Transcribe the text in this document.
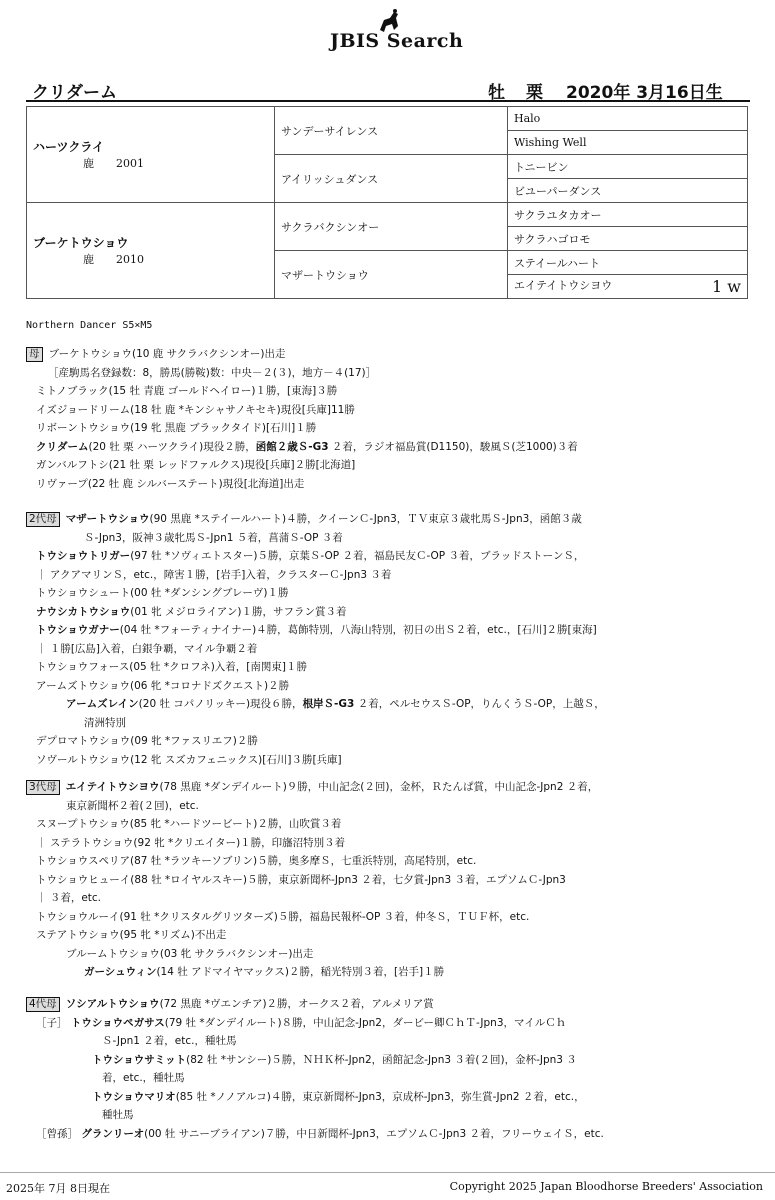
JBIS Search
クリダーム	牡 栗 2020年 3月16日生
ハーツクライ
鹿　　2001	サンデーサイレンス	Halo
		Wishing Well
	アイリッシュダンス	トニービン
		ビユーパーダンス

ブーケトウショウ
鹿　　2010	サクラバクシンオー	サクラユタカオー
		サクラハゴロモ
	マザートウショウ	ステイールハート
		エイテイトウシヨウ 1 w
Northern Dancer S5×M5
母 ブーケトウショウ(10 鹿 サクラバクシンオー)出走
［産駒馬名登録数：8，勝馬(勝鞍)数：中央－２(３)，地方－４(17)］
ミトノブラック(15 牡 青鹿 ゴールドヘイロー)１勝，[東海]３勝
イズジョードリーム(18 牡 鹿 *キンシャサノキセキ)現役[兵庫]11勝
リボーントウショウ(19 牝 黒鹿 ブラックタイド)[石川]１勝
クリダーム(20 牡 栗 ハーツクライ)現役２勝，函館２歳Ｓ-G3 ２着，ラジオ福島賞(D1150)，駿風Ｓ(芝1000)３着
ガンバルフトシ(21 牡 栗 レッドファルクス)現役[兵庫]２勝[北海道]
リヴァープ(22 牡 鹿 シルバーステート)現役[北海道]出走
2代母 マザートウショウ(90 黒鹿 *ステイールハート)４勝，クイーンＣ-Jpn3，ＴＶ東京３歳牝馬Ｓ-Jpn3，函館３歳
Ｓ-Jpn3，阪神３歳牝馬Ｓ-Jpn1 ５着，菖蒲Ｓ-OP ３着
トウショウトリガー(97 牡 *ソヴィエトスター)５勝，京葉Ｓ-OP ２着，福島民友Ｃ-OP ３着，ブラッドストーンＳ，
｜ アクアマリンＳ，etc.，障害１勝，[岩手]入着，クラスターＣ-Jpn3 ３着
トウショウシュート(00 牡 *ダンシングブレーヴ)１勝
ナウシカトウショウ(01 牝 メジロライアン)１勝，サフラン賞３着
トウショウガナー(04 牡 *フォーティナイナー)４勝，葛飾特別，八海山特別，初日の出Ｓ２着，etc.，[石川]２勝[東海]
｜ １勝[広島]入着，白銀争覇，マイル争覇２着
トウショウフォース(05 牡 *クロフネ)入着，[南関東]１勝
アームズトウショウ(06 牝 *コロナドズクエスト)２勝
アームズレイン(20 牡 コパノリッキー)現役６勝，根岸Ｓ-G3 ２着，ペルセウスＳ-OP，りんくうＳ-OP，上越Ｓ，
清洲特別
デプロマトウショウ(09 牝 *ファスリエフ)２勝
ソヴールトウショウ(12 牝 スズカフェニックス)[石川]３勝[兵庫]
3代母 エイテイトウシヨウ(78 黒鹿 *ダンデイルート)９勝，中山記念(２回)，金杯，Ｒたんぱ賞，中山記念-Jpn2 ２着，
東京新聞杯２着(２回)，etc.
スヌープトウショウ(85 牝 *ハードツービート)２勝，山吹賞３着
｜ ステラトウショウ(92 牝 *クリエイター)１勝，印旛沼特別３着
トウショウスペリア(87 牡 *ラツキーソブリン)５勝，奥多摩Ｓ，七重浜特別，高尾特別，etc.
トウショウヒューイ(88 牡 *ロイヤルスキー)５勝，東京新聞杯-Jpn3 ２着，七夕賞-Jpn3 ３着，エプソムＣ-Jpn3
｜ ３着，etc.
トウショウルーイ(91 牡 *クリスタルグリツターズ)５勝，福島民報杯-OP ３着，仲冬Ｓ，ＴＵＦ杯，etc.
ステアトウショウ(95 牝 *リズム)不出走
ブルームトウショウ(03 牝 サクラバクシンオー)出走
ガーシュウィン(14 牡 アドマイヤマックス)２勝，稲光特別３着，[岩手]１勝
4代母 ソシアルトウショウ(72 黒鹿 *ヴエンチア)２勝，オークス２着，アルメリア賞
［子］ トウショウペガサス(79 牡 *ダンデイルート)８勝，中山記念-Jpn2，ダービー卿ＣｈＴ-Jpn3，マイルＣｈ
Ｓ-Jpn1 ２着，etc.，種牡馬
トウショウサミット(82 牡 *サンシー)５勝，ＮＨＫ杯-Jpn2，函館記念-Jpn3 ３着(２回)，金杯-Jpn3 ３
着，etc.，種牡馬
トウショウマリオ(85 牡 *ノノアルコ)４勝，東京新聞杯-Jpn3，京成杯-Jpn3，弥生賞-Jpn2 ２着，etc.，
種牡馬
［曾孫］ グランリーオ(00 牡 サニーブライアン)７勝，中日新聞杯-Jpn3，エプソムＣ-Jpn3 ２着，フリーウェイＳ，etc.
2025年 7月 8日現在	Copyright 2025 Japan Bloodhorse Breeders' Association
